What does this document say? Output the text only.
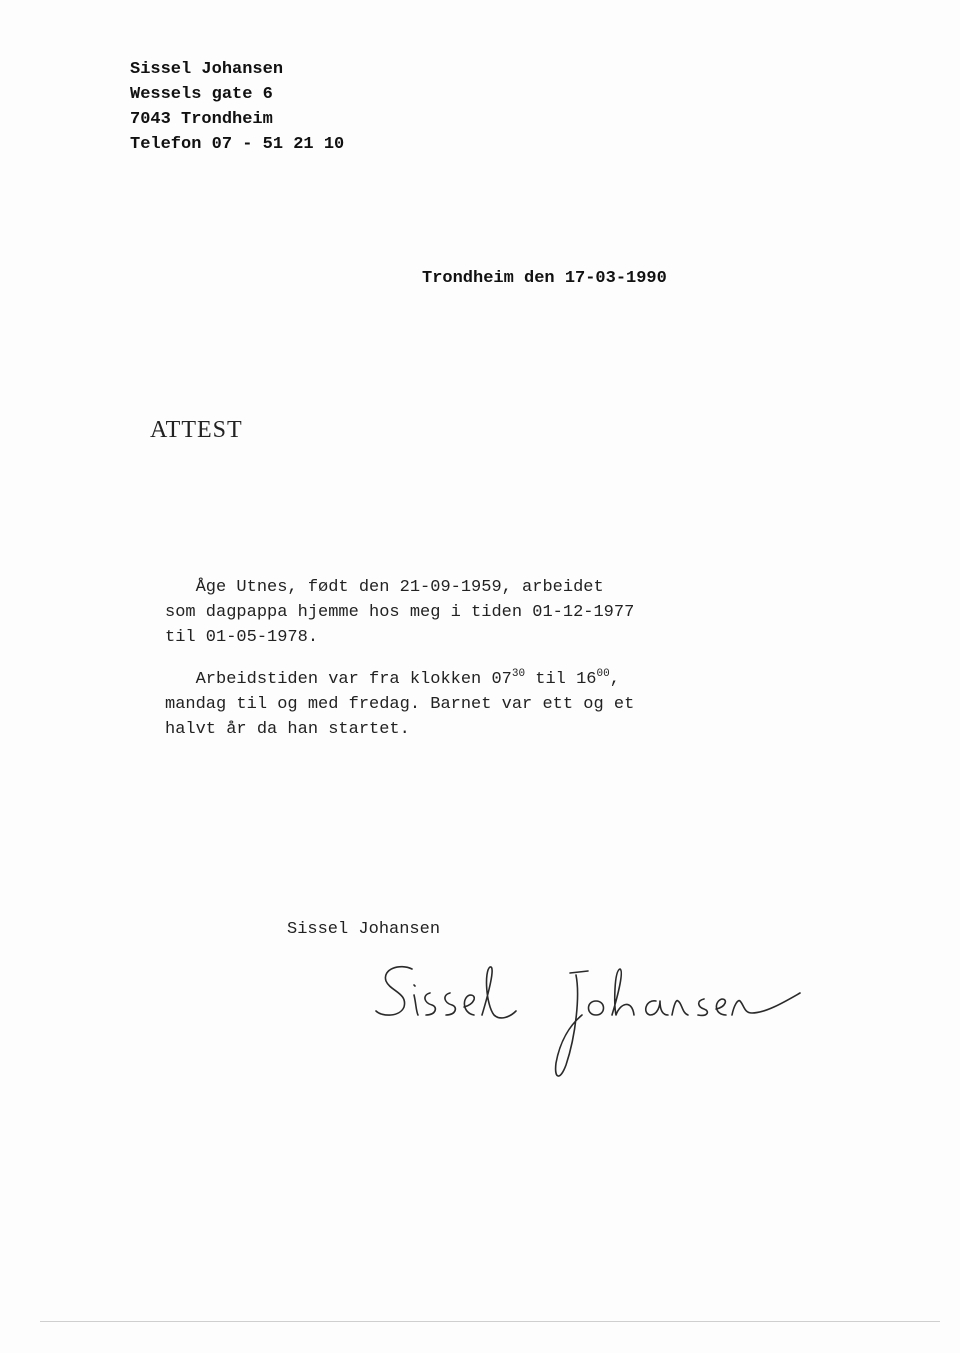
Sissel Johansen
Wessels gate 6
7043 Trondheim
Telefon 07 - 51 21 10
Trondheim den 17-03-1990
ATTEST
Åge Utnes, født den 21-09-1959, arbeidet
som dagpappa hjemme hos meg i tiden 01-12-1977
til 01-05-1978.
Arbeidstiden var fra klokken $07^{30}$ til $16^{00}$,
mandag til og med fredag. Barnet var ett og et
halvt år da han startet.
Sissel Johansen
